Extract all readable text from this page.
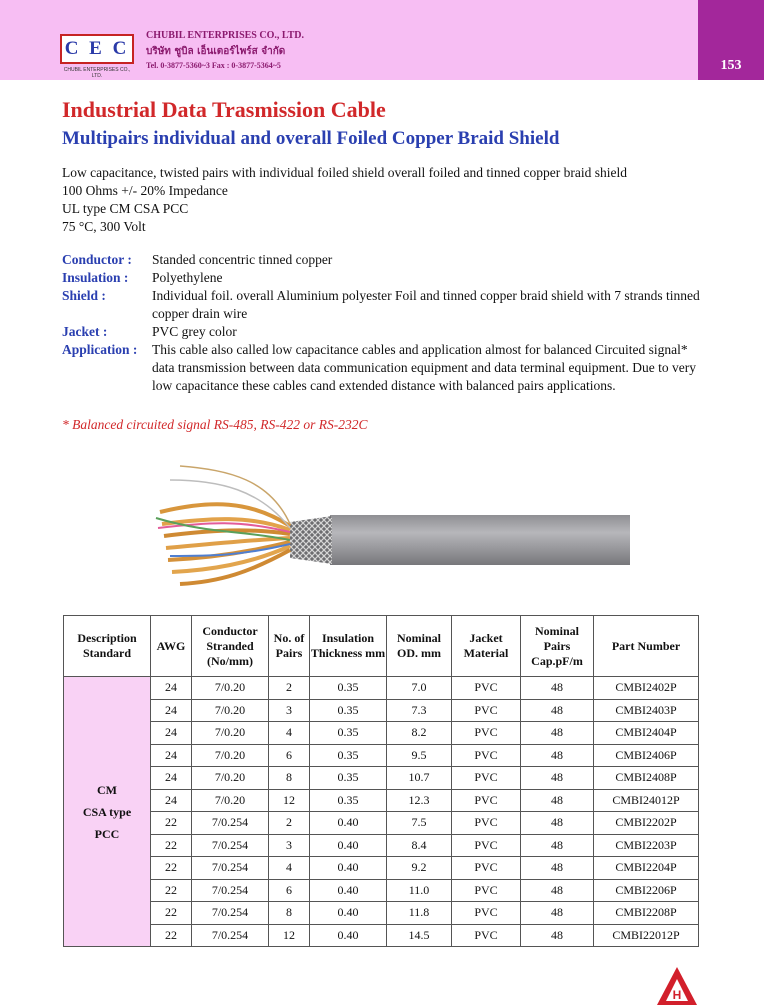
C E C
CHUBIL ENTERPRISES CO., LTD.
CHUBIL ENTERPRISES CO., LTD.
บริษัท ชูบิล เอ็นเตอร์ไพร์ส จำกัด
Tel. 0-3877-5360~3 Fax : 0-3877-5364~5	153
Industrial Data Trasmission Cable
Multipairs individual and overall Foiled Copper Braid Shield
Low capacitance, twisted pairs with individual foiled shield overall foiled and tinned copper braid shield
100 Ohms +/- 20% Impedance
UL type CM CSA PCC
75 °C, 300 Volt
Conductor :	Standed concentric tinned copper
Insulation :	Polyethylene
Shield :	Individual foil. overall Aluminium polyester Foil and tinned copper braid shield with 7 strands tinned copper drain wire
Jacket :	PVC grey color
Application :	This cable also called low capacitance cables and application almost for balanced Circuited signal* data transmission between data communication equipment and data terminal equipment. Due to very low capacitance these cables cand extended distance with balanced pairs applications.
* Balanced circuited signal RS-485, RS-422 or RS-232C
Description Standard	AWG	Conductor Stranded (No/mm)	No. of Pairs	Insulation Thickness mm	Nominal OD. mm	Jacket Material	Nominal Pairs Cap.pF/m	Part Number

CM
CSA type
PCC	24	7/0.20	2	0.35	7.0	PVC	48	CMBI2402P
	24	7/0.20	3	0.35	7.3	PVC	48	CMBI2403P
	24	7/0.20	4	0.35	8.2	PVC	48	CMBI2404P
	24	7/0.20	6	0.35	9.5	PVC	48	CMBI2406P
	24	7/0.20	8	0.35	10.7	PVC	48	CMBI2408P
	24	7/0.20	12	0.35	12.3	PVC	48	CMBI24012P
	22	7/0.254	2	0.40	7.5	PVC	48	CMBI2202P
	22	7/0.254	3	0.40	8.4	PVC	48	CMBI2203P
	22	7/0.254	4	0.40	9.2	PVC	48	CMBI2204P
	22	7/0.254	6	0.40	11.0	PVC	48	CMBI2206P
	22	7/0.254	8	0.40	11.8	PVC	48	CMBI2208P
	22	7/0.254	12	0.40	14.5	PVC	48	CMBI22012P
H
